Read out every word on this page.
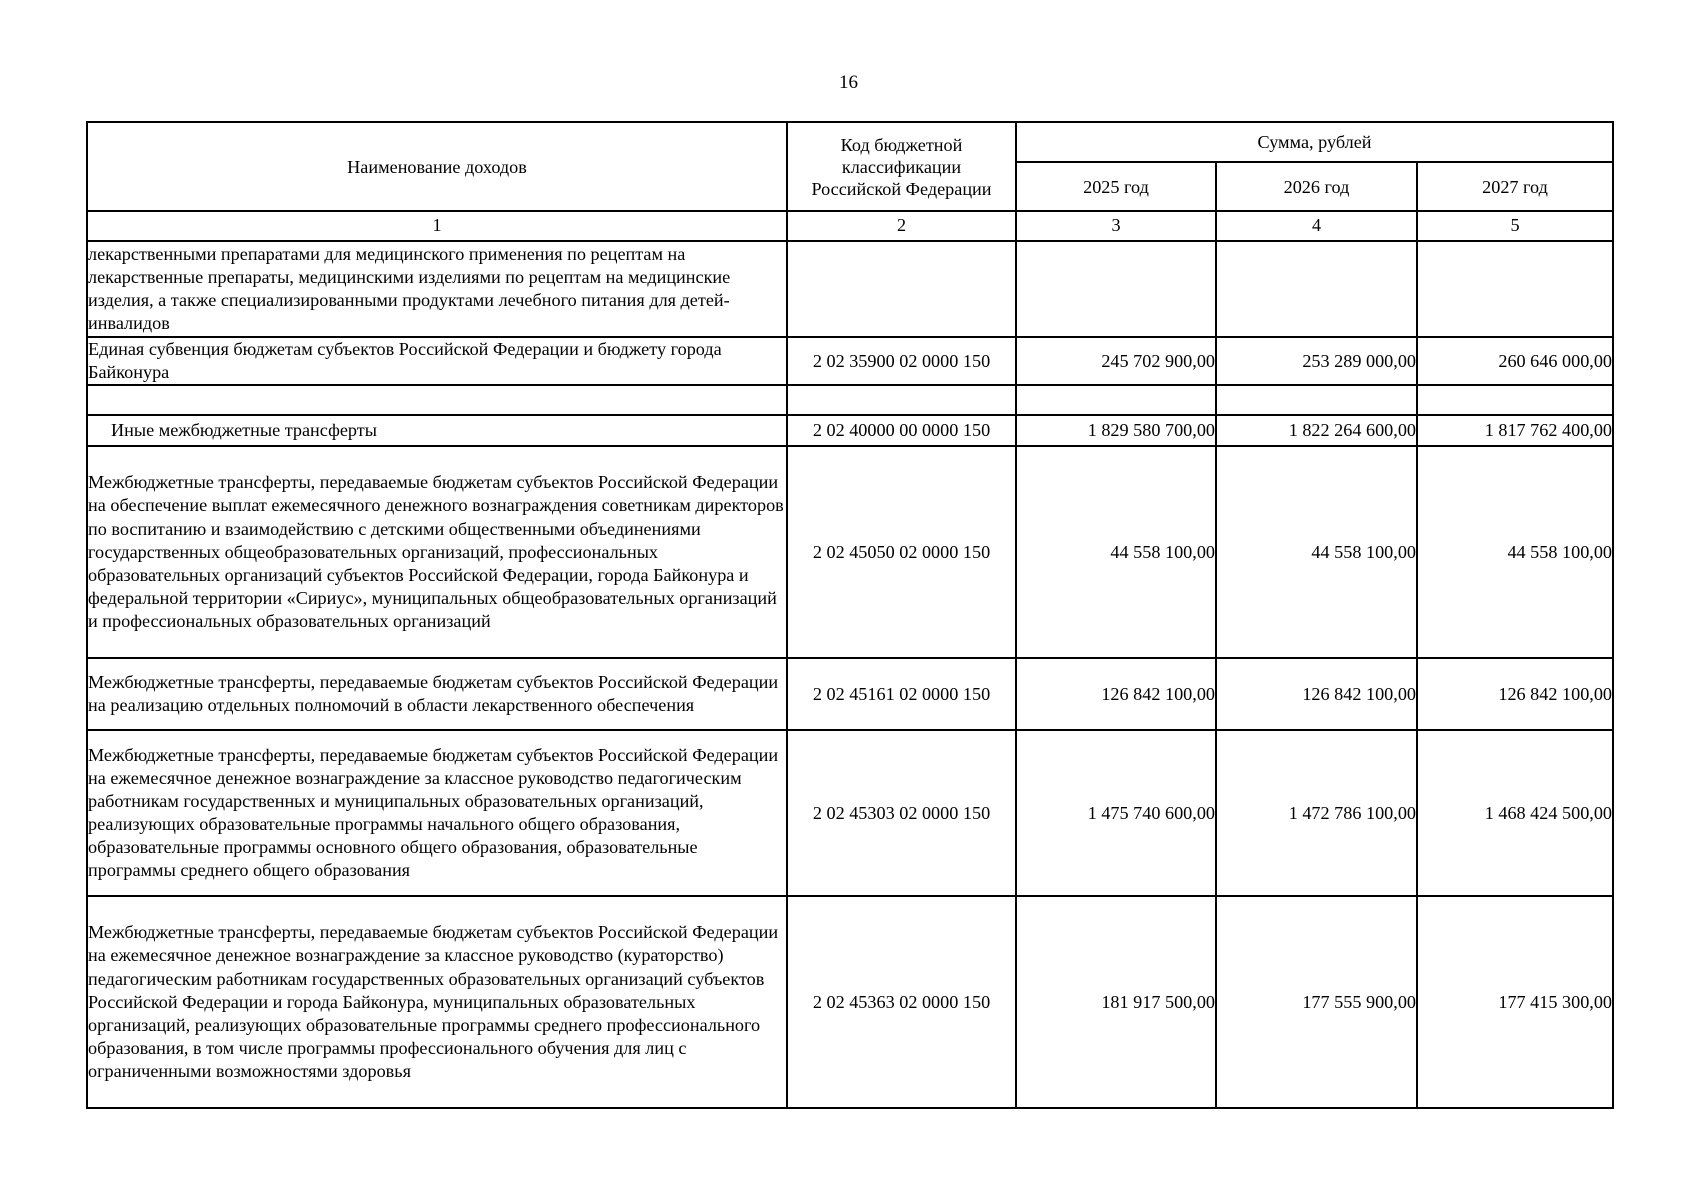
16
Наименование доходов	Код бюджетной классификации Российской Федерации	Сумма, рублей		
		2025 год	2026 год	2027 год
1	2	3	4	5
лекарственными препаратами для медицинского применения по рецептам на лекарственные препараты, медицинскими изделиями по рецептам на медицинские изделия, а также специализированными продуктами лечебного питания для детей-инвалидов				
Единая субвенция бюджетам субъектов Российской Федерации и бюджету города Байконура	2 02 35900 02 0000 150	245 702 900,00	253 289 000,00	260 646 000,00

Иные межбюджетные трансферты	2 02 40000 00 0000 150	1 829 580 700,00	1 822 264 600,00	1 817 762 400,00
Межбюджетные трансферты, передаваемые бюджетам субъектов Российской Федерации на обеспечение выплат ежемесячного денежного вознаграждения советникам директоров по воспитанию и взаимодействию с детскими общественными объединениями государственных общеобразовательных организаций, профессиональных образовательных организаций субъектов Российской Федерации, города Байконура и федеральной территории «Сириус», муниципальных общеобразовательных организаций и профессиональных образовательных организаций	2 02 45050 02 0000 150	44 558 100,00	44 558 100,00	44 558 100,00
Межбюджетные трансферты, передаваемые бюджетам субъектов Российской Федерации на реализацию отдельных полномочий в области лекарственного обеспечения	2 02 45161 02 0000 150	126 842 100,00	126 842 100,00	126 842 100,00
Межбюджетные трансферты, передаваемые бюджетам субъектов Российской Федерации на ежемесячное денежное вознаграждение за классное руководство педагогическим работникам государственных и муниципальных образовательных организаций, реализующих образовательные программы начального общего образования, образовательные программы основного общего образования, образовательные программы среднего общего образования	2 02 45303 02 0000 150	1 475 740 600,00	1 472 786 100,00	1 468 424 500,00
Межбюджетные трансферты, передаваемые бюджетам субъектов Российской Федерации на ежемесячное денежное вознаграждение за классное руководство (кураторство) педагогическим работникам государственных образовательных организаций субъектов Российской Федерации и города Байконура, муниципальных образовательных организаций, реализующих образовательные программы среднего профессионального образования, в том числе программы профессионального обучения для лиц с ограниченными возможностями здоровья	2 02 45363 02 0000 150	181 917 500,00	177 555 900,00	177 415 300,00
